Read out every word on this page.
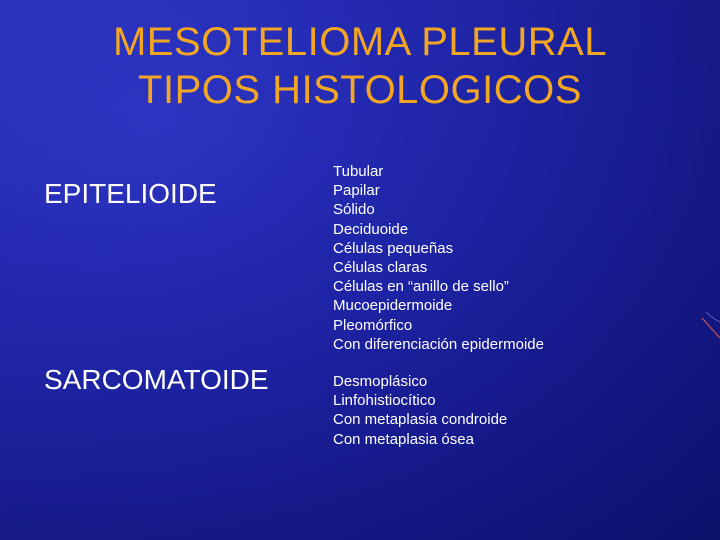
MESOTELIOMA PLEURAL
TIPOS HISTOLOGICOS
EPITELIOIDE
Tubular
Papilar
Sólido
Deciduoide
Células pequeñas
Células claras
Células en “anillo de sello”
Mucoepidermoide
Pleomórfico
Con diferenciación epidermoide
SARCOMATOIDE	Desmoplásico
Linfohistiocítico
Con metaplasia condroide
Con metaplasia ósea
